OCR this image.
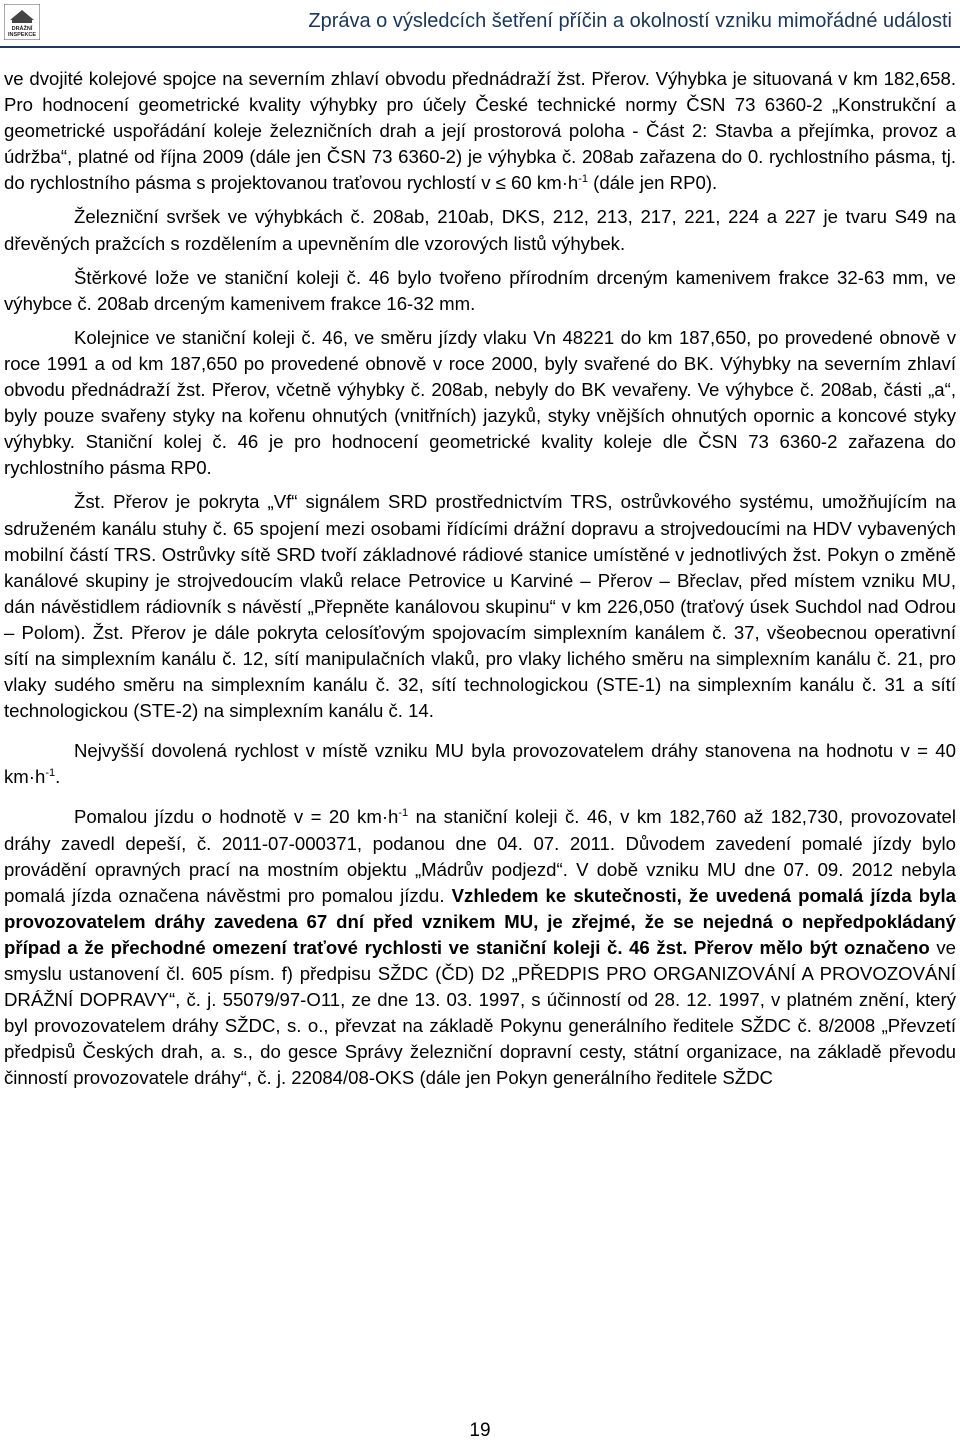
DRÁŽNÍ
INSPEKCE
Zpráva o výsledcích šetření příčin a okolností vzniku mimořádné události

ve dvojité kolejové spojce na severním zhlaví obvodu přednádraží žst. Přerov. Výhybka je situovaná v km 182,658. Pro hodnocení geometrické kvality výhybky pro účely České technické normy ČSN 73 6360-2 „Konstrukční a geometrické uspořádání koleje železničních drah a její prostorová poloha - Část 2: Stavba a přejímka, provoz a údržba“, platné od října 2009 (dále jen ČSN 73 6360-2) je výhybka č. 208ab zařazena do 0. rychlostního pásma, tj. do rychlostního pásma s projektovanou traťovou rychlostí v ≤ 60 $km\cdot h^{-1}$ (dále jen RP0).

Železniční svršek ve výhybkách č. 208ab, 210ab, DKS, 212, 213, 217, 221, 224 a 227 je tvaru S49 na dřevěných pražcích s rozdělením a upevněním dle vzorových listů výhybek.

Štěrkové lože ve staniční koleji č. 46 bylo tvořeno přírodním drceným kamenivem frakce 32-63 mm, ve výhybce č. 208ab drceným kamenivem frakce 16-32 mm.

Kolejnice ve staniční koleji č. 46, ve směru jízdy vlaku Vn 48221 do km 187,650, po provedené obnově v roce 1991 a od km 187,650 po provedené obnově v roce 2000, byly svařené do BK. Výhybky na severním zhlaví obvodu přednádraží žst. Přerov, včetně výhybky č. 208ab, nebyly do BK vevařeny. Ve výhybce č. 208ab, části „a“, byly pouze svařeny styky na kořenu ohnutých (vnitřních) jazyků, styky vnějších ohnutých opornic a koncové styky výhybky. Staniční kolej č. 46 je pro hodnocení geometrické kvality koleje dle ČSN 73 6360-2 zařazena do rychlostního pásma RP0.

Žst. Přerov je pokryta „Vf“ signálem SRD prostřednictvím TRS, ostrůvkového systému, umožňujícím na sdruženém kanálu stuhy č. 65 spojení mezi osobami řídícími drážní dopravu a strojvedoucími na HDV vybavených mobilní částí TRS. Ostrůvky sítě SRD tvoří základnové rádiové stanice umístěné v jednotlivých žst. Pokyn o změně kanálové skupiny je strojvedoucím vlaků relace Petrovice u Karviné – Přerov – Břeclav, před místem vzniku MU, dán návěstidlem rádiovník s návěstí „Přepněte kanálovou skupinu“ v km 226,050 (traťový úsek Suchdol nad Odrou – Polom). Žst. Přerov je dále pokryta celosíťovým spojovacím simplexním kanálem č. 37, všeobecnou operativní sítí na simplexním kanálu č. 12, sítí manipulačních vlaků, pro vlaky lichého směru na simplexním kanálu č. 21, pro vlaky sudého směru na simplexním kanálu č. 32, sítí technologickou (STE-1) na simplexním kanálu č. 31 a sítí technologickou (STE-2) na simplexním kanálu č. 14.

Nejvyšší dovolená rychlost v místě vzniku MU byla provozovatelem dráhy stanovena na hodnotu v = 40 $km\cdot h^{-1}$.

Pomalou jízdu o hodnotě v = 20 $km\cdot h^{-1}$ na staniční koleji č. 46, v km 182,760 až 182,730, provozovatel dráhy zavedl depeší, č. 2011-07-000371, podanou dne 04. 07. 2011. Důvodem zavedení pomalé jízdy bylo provádění opravných prací na mostním objektu „Mádrův podjezd“. V době vzniku MU dne 07. 09. 2012 nebyla pomalá jízda označena návěstmi pro pomalou jízdu. Vzhledem ke skutečnosti, že uvedená pomalá jízda byla provozovatelem dráhy zavedena 67 dní před vznikem MU, je zřejmé, že se nejedná o nepředpokládaný případ a že přechodné omezení traťové rychlosti ve staniční koleji č. 46 žst. Přerov mělo být označeno ve smyslu ustanovení čl. 605 písm. f) předpisu SŽDC (ČD) D2 „PŘEDPIS PRO ORGANIZOVÁNÍ A PROVOZOVÁNÍ DRÁŽNÍ DOPRAVY“, č. j. 55079/97-O11, ze dne 13. 03. 1997, s účinností od 28. 12. 1997, v platném znění, který byl provozovatelem dráhy SŽDC, s. o., převzat na základě Pokynu generálního ředitele SŽDC č. 8/2008 „Převzetí předpisů Českých drah, a. s., do gesce Správy železniční dopravní cesty, státní organizace, na základě převodu činností provozovatele dráhy“, č. j. 22084/08-OKS (dále jen Pokyn generálního ředitele SŽDC

19
